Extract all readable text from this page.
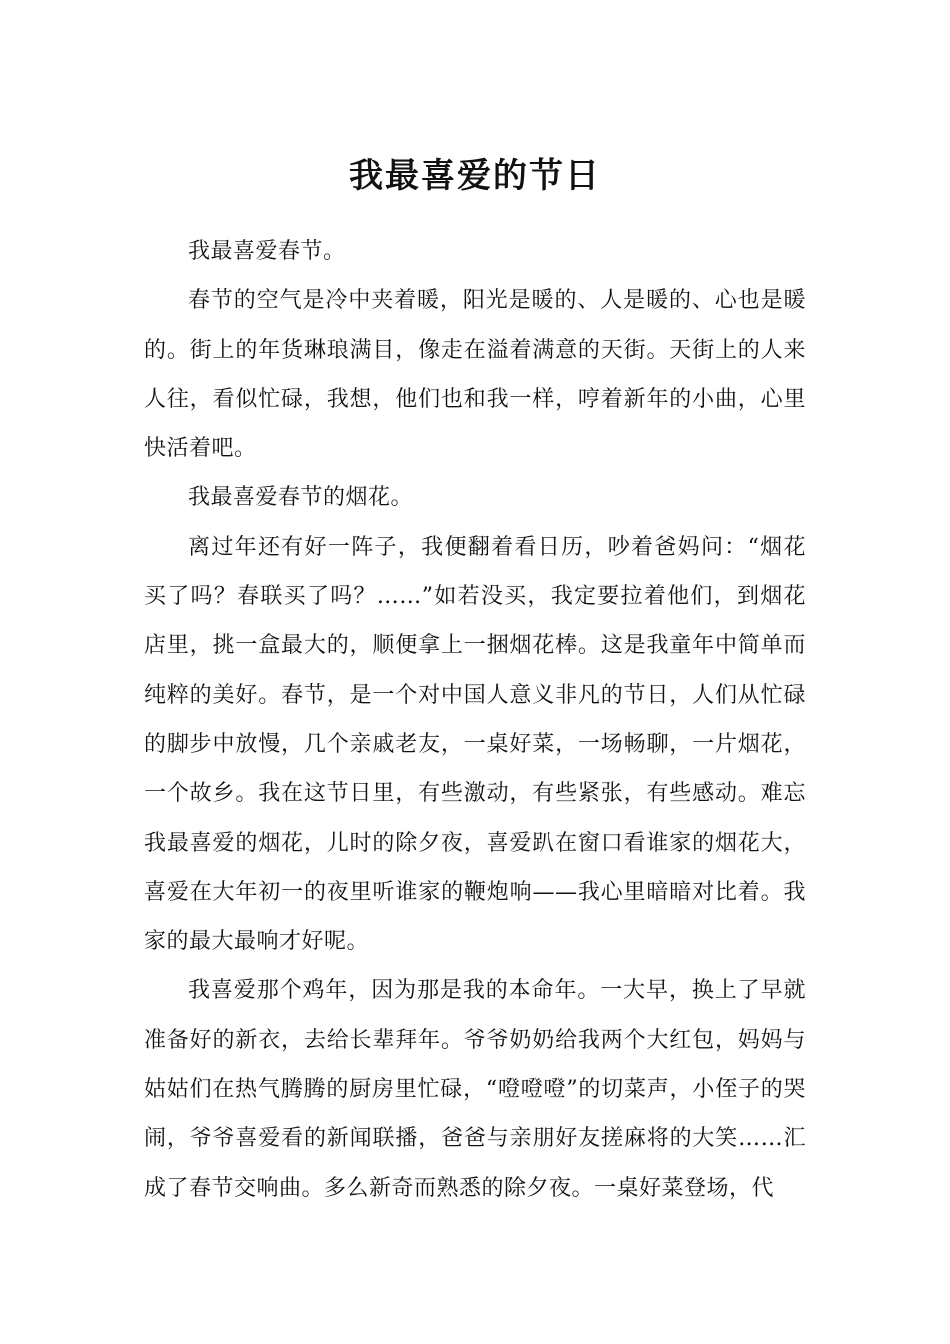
我最喜爱的节日

我最喜爱春节。

春节的空气是冷中夹着暖，阳光是暖的、人是暖的、心也是暖的。街上的年货琳琅满目，像走在溢着满意的天街。天街上的人来人往，看似忙碌，我想，他们也和我一样，哼着新年的小曲，心里快活着吧。

我最喜爱春节的烟花。

离过年还有好一阵子，我便翻着看日历，吵着爸妈问：“烟花买了吗？春联买了吗？……”如若没买，我定要拉着他们，到烟花店里，挑一盒最大的，顺便拿上一捆烟花棒。这是我童年中简单而纯粹的美好。春节，是一个对中国人意义非凡的节日，人们从忙碌的脚步中放慢，几个亲戚老友，一桌好菜，一场畅聊，一片烟花，一个故乡。我在这节日里，有些激动，有些紧张，有些感动。难忘我最喜爱的烟花，儿时的除夕夜，喜爱趴在窗口看谁家的烟花大，喜爱在大年初一的夜里听谁家的鞭炮响——我心里暗暗对比着。我家的最大最响才好呢。

我喜爱那个鸡年，因为那是我的本命年。一大早，换上了早就准备好的新衣，去给长辈拜年。爷爷奶奶给我两个大红包，妈妈与姑姑们在热气腾腾的厨房里忙碌，“噔噔噔”的切菜声，小侄子的哭闹，爷爷喜爱看的新闻联播，爸爸与亲朋好友搓麻将的大笑……汇成了春节交响曲。多么新奇而熟悉的除夕夜。一桌好菜登场，代
